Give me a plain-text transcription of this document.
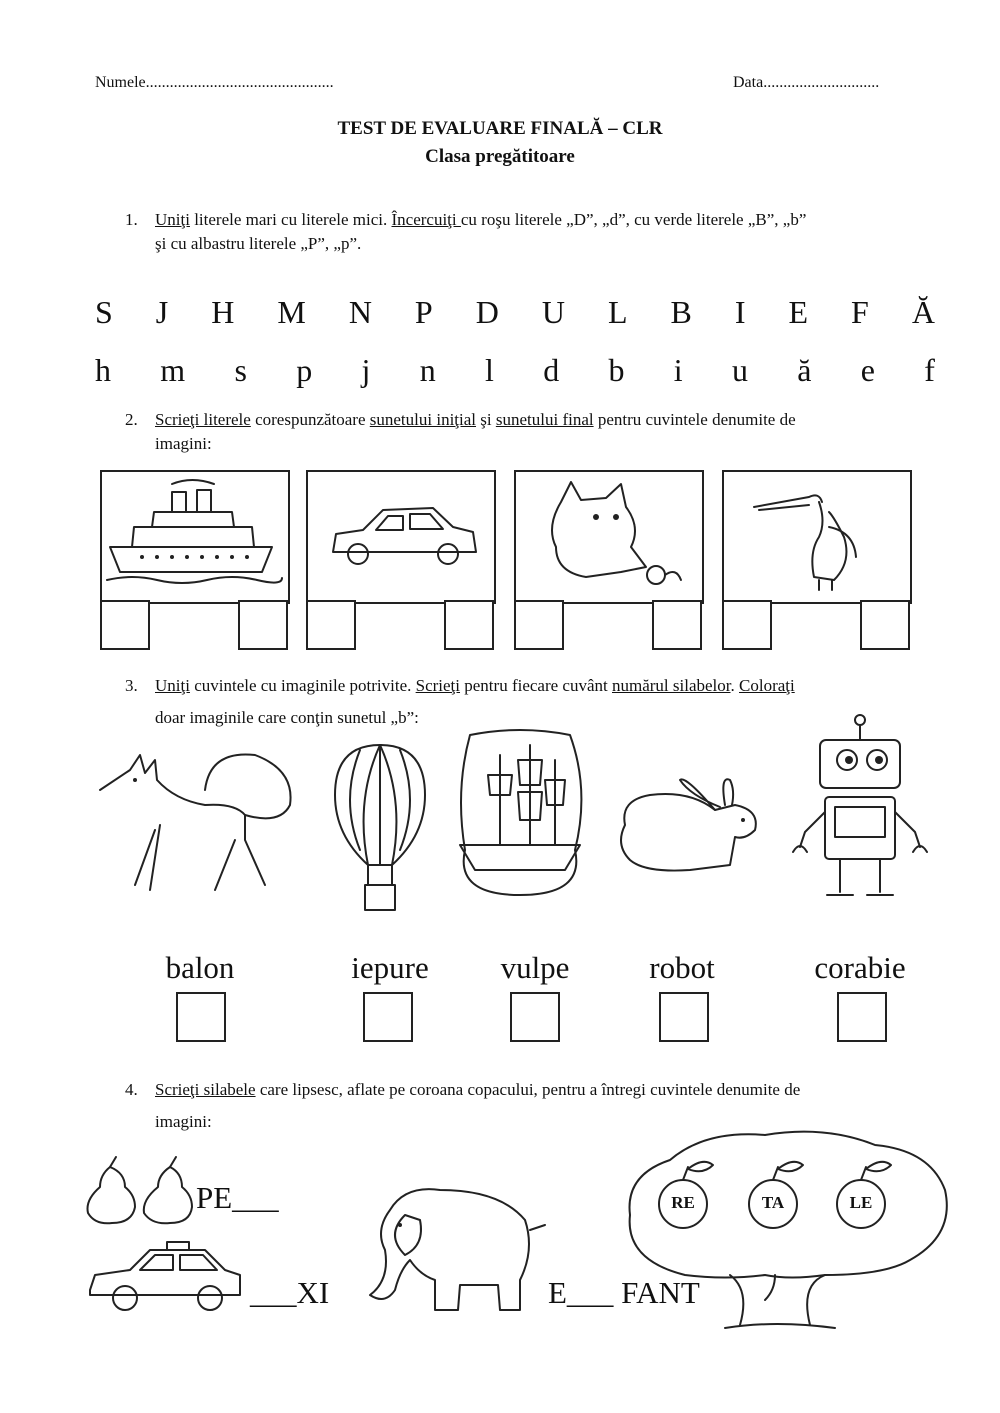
Numele...............................................	Data.............................
TEST DE EVALUARE FINALĂ – CLR
Clasa pregătitoare
1. Uniţi literele mari cu literele mici. Încercuiţi cu roşu literele „D”, „d”, cu verde literele „B”, „b”
şi cu albastru literele „P”, „p”.
S J H M N P D U L B I E F Ă
h m s p j n l d b i u ă e f
2. Scrieţi literele corespunzătoare sunetului iniţial şi sunetului final pentru cuvintele denumite de
imagini:
3. Uniţi cuvintele cu imaginile potrivite. Scrieţi pentru fiecare cuvânt numărul silabelor. Coloraţi
doar imaginile care conţin sunetul „b”:
balon	iepure	vulpe	robot	corabie
4. Scrieţi silabele care lipsesc, aflate pe coroana copacului, pentru a întregi cuvintele denumite de
imagini:
PE___
___XI	E___ FANT
RE	TA	LE
